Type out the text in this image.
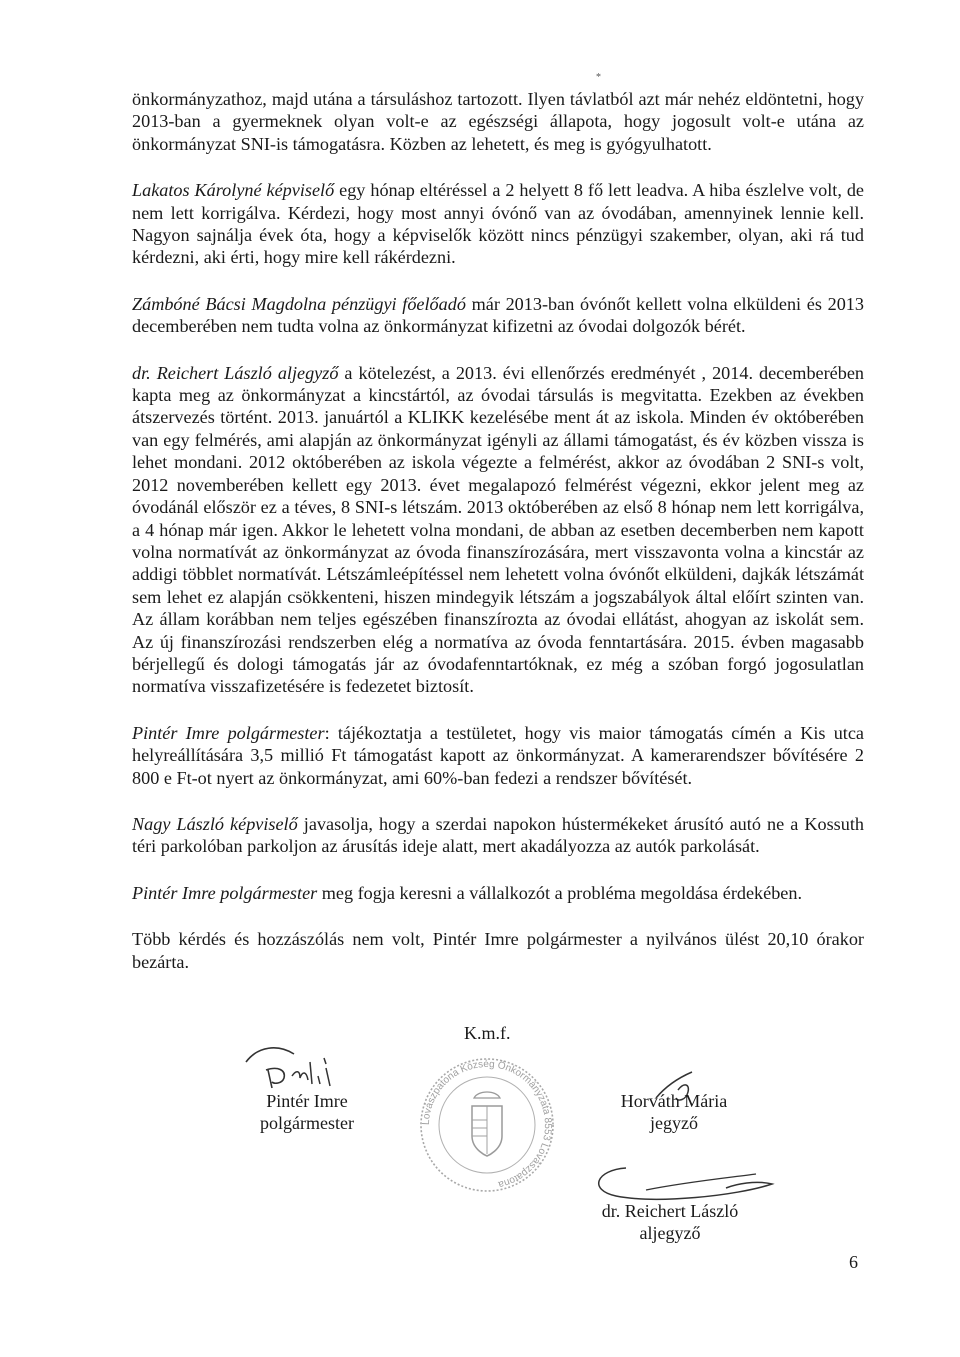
*

önkormányzathoz, majd utána a társuláshoz tartozott. Ilyen távlatból azt már nehéz eldöntetni, hogy 2013-ban a gyermeknek olyan volt-e az egészségi állapota, hogy jogosult volt-e utána az önkormányzat SNI-is támogatásra. Közben az lehetett, és meg is gyógyulhatott.

Lakatos Károlyné képviselő egy hónap eltéréssel a 2 helyett 8 fő lett leadva. A hiba észlelve volt, de nem lett korrigálva. Kérdezi, hogy most annyi óvónő van az óvodában, amennyinek lennie kell. Nagyon sajnálja évek óta, hogy a képviselők között nincs pénzügyi szakember, olyan, aki rá tud kérdezni, aki érti, hogy mire kell rákérdezni.

Zámbóné Bácsi Magdolna pénzügyi főelőadó már 2013-ban óvónőt kellett volna elküldeni és 2013 decemberében nem tudta volna az önkormányzat kifizetni az óvodai dolgozók bérét.

dr. Reichert László aljegyző a kötelezést, a 2013. évi ellenőrzés eredményét , 2014. decemberében kapta meg az önkormányzat a kincstártól, az óvodai társulás is megvitatta. Ezekben az években átszervezés történt. 2013. januártól a KLIKK kezelésébe ment át az iskola. Minden év októberében van egy felmérés, ami alapján az önkormányzat igényli az állami támogatást, és év közben vissza is lehet mondani. 2012 októberében az iskola végezte a felmérést, akkor az óvodában 2 SNI-s volt, 2012 novemberében kellett egy 2013. évet megalapozó felmérést végezni, ekkor jelent meg az óvodánál először ez a téves, 8 SNI-s létszám. 2013 októberében az első 8 hónap nem lett korrigálva, a 4 hónap már igen. Akkor le lehetett volna mondani, de abban az esetben decemberben nem kapott volna normatívát az önkormányzat az óvoda finanszírozására, mert visszavonta volna a kincstár az addigi többlet normatívát. Létszámleépítéssel nem lehetett volna óvónőt elküldeni, dajkák létszámát sem lehet ez alapján csökkenteni, hiszen mindegyik létszám a jogszabályok által előírt szinten van. Az állam korábban nem teljes egészében finanszírozta az óvodai ellátást, ahogyan az iskolát sem. Az új finanszírozási rendszerben elég a normatíva az óvoda fenntartására. 2015. évben magasabb bérjellegű és dologi támogatás jár az óvodafenntartóknak, ez még a szóban forgó jogosulatlan normatíva visszafizetésére is fedezetet biztosít.

Pintér Imre polgármester: tájékoztatja a testületet, hogy vis maior támogatás címén a Kis utca helyreállítására 3,5 millió Ft támogatást kapott az önkormányzat. A kamerarendszer bővítésére 2 800 e Ft-ot nyert az önkormányzat, ami 60%-ban fedezi a rendszer bővítését.

Nagy László képviselő javasolja, hogy a szerdai napokon hústermékeket árusító autó ne a Kossuth téri parkolóban parkoljon az árusítás ideje alatt, mert akadályozza az autók parkolását.

Pintér Imre polgármester meg fogja keresni a vállalkozót a probléma megoldása érdekében.

Több kérdés és hozzászólás nem volt, Pintér Imre polgármester a nyilvános ülést 20,10 órakor bezárta.

K.m.f.
Pintér Imre
polgármester	Lovászpatona Község Önkormányzata 8553 Lovászpatona
Horváth Mária
jegyző
dr. Reichert László
aljegyző
6
